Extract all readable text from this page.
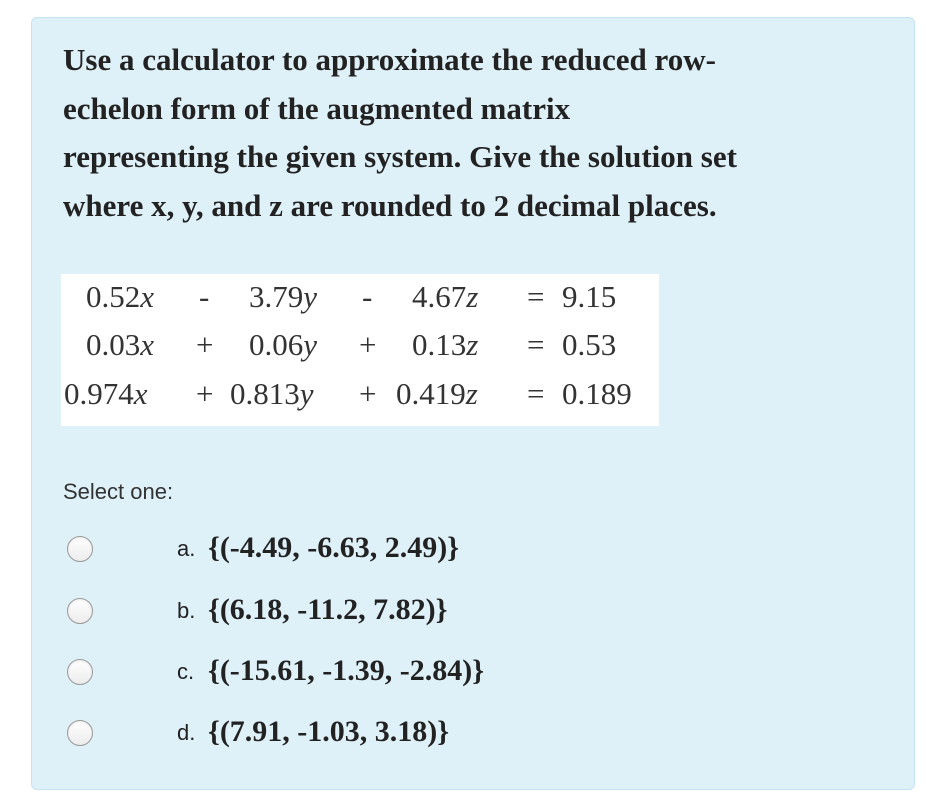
Use a calculator to approximate the reduced row-
echelon form of the augmented matrix
representing the given system. Give the solution set
where x, y, and z are rounded to 2 decimal places.

0.52x - 3.79y - 4.67z = 9.15
0.03x + 0.06y + 0.13z = 0.53
0.974x + 0.813y + 0.419z = 0.189

Select one:

a. {(-4.49, -6.63, 2.49)}
b. {(6.18, -11.2, 7.82)}
c. {(-15.61, -1.39, -2.84)}
d. {(7.91, -1.03, 3.18)}
